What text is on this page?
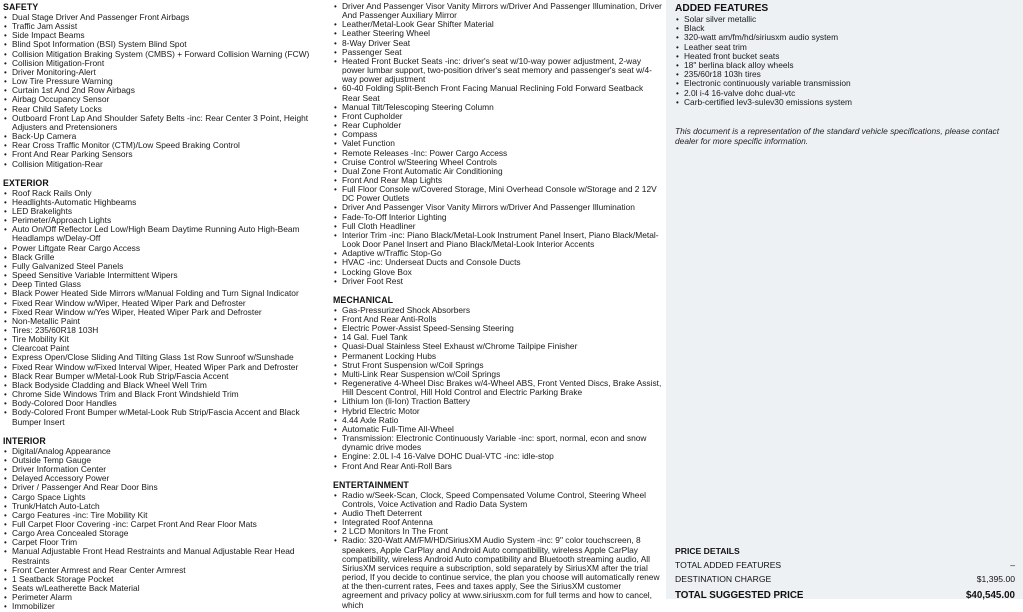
SAFETY
• Dual Stage Driver And Passenger Front Airbags
• Traffic Jam Assist
• Side Impact Beams
• Blind Spot Information (BSI) System Blind Spot
• Collision Mitigation Braking System (CMBS) + Forward Collision Warning (FCW)
• Collision Mitigation-Front
• Driver Monitoring-Alert
• Low Tire Pressure Warning
• Curtain 1st And 2nd Row Airbags
• Airbag Occupancy Sensor
• Rear Child Safety Locks
• Outboard Front Lap And Shoulder Safety Belts -inc: Rear Center 3 Point, Height Adjusters and Pretensioners
• Back-Up Camera
• Rear Cross Traffic Monitor (CTM)/Low Speed Braking Control
• Front And Rear Parking Sensors
• Collision Mitigation-Rear
EXTERIOR
• Roof Rack Rails Only
• Headlights-Automatic Highbeams
• LED Brakelights
• Perimeter/Approach Lights
• Auto On/Off Reflector Led Low/High Beam Daytime Running Auto High-Beam Headlamps w/Delay-Off
• Power Liftgate Rear Cargo Access
• Black Grille
• Fully Galvanized Steel Panels
• Speed Sensitive Variable Intermittent Wipers
• Deep Tinted Glass
• Black Power Heated Side Mirrors w/Manual Folding and Turn Signal Indicator
• Fixed Rear Window w/Wiper, Heated Wiper Park and Defroster
• Fixed Rear Window w/Yes Wiper, Heated Wiper Park and Defroster
• Non-Metallic Paint
• Tires: 235/60R18 103H
• Tire Mobility Kit
• Clearcoat Paint
• Express Open/Close Sliding And Tilting Glass 1st Row Sunroof w/Sunshade
• Fixed Rear Window w/Fixed Interval Wiper, Heated Wiper Park and Defroster
• Black Rear Bumper w/Metal-Look Rub Strip/Fascia Accent
• Black Bodyside Cladding and Black Wheel Well Trim
• Chrome Side Windows Trim and Black Front Windshield Trim
• Body-Colored Door Handles
• Body-Colored Front Bumper w/Metal-Look Rub Strip/Fascia Accent and Black Bumper Insert
INTERIOR
• Digital/Analog Appearance
• Outside Temp Gauge
• Driver Information Center
• Delayed Accessory Power
• Driver / Passenger And Rear Door Bins
• Cargo Space Lights
• Trunk/Hatch Auto-Latch
• Cargo Features -inc: Tire Mobility Kit
• Full Carpet Floor Covering -inc: Carpet Front And Rear Floor Mats
• Cargo Area Concealed Storage
• Carpet Floor Trim
• Manual Adjustable Front Head Restraints and Manual Adjustable Rear Head Restraints
• Front Center Armrest and Rear Center Armrest
• 1 Seatback Storage Pocket
• Seats w/Leatherette Back Material
• Perimeter Alarm
• Immobilizer
• Driver And Passenger Visor Vanity Mirrors w/Driver And Passenger Illumination, Driver And Passenger Auxiliary Mirror
• Leather/Metal-Look Gear Shifter Material
• Leather Steering Wheel
• 8-Way Driver Seat
• Passenger Seat
• Heated Front Bucket Seats -inc: driver's seat w/10-way power adjustment, 2-way power lumbar support, two-position driver's seat memory and passenger's seat w/4-way power adjustment
• 60-40 Folding Split-Bench Front Facing Manual Reclining Fold Forward Seatback Rear Seat
• Manual Tilt/Telescoping Steering Column
• Front Cupholder
• Rear Cupholder
• Compass
• Valet Function
• Remote Releases -Inc: Power Cargo Access
• Cruise Control w/Steering Wheel Controls
• Dual Zone Front Automatic Air Conditioning
• Front And Rear Map Lights
• Full Floor Console w/Covered Storage, Mini Overhead Console w/Storage and 2 12V DC Power Outlets
• Driver And Passenger Visor Vanity Mirrors w/Driver And Passenger Illumination
• Fade-To-Off Interior Lighting
• Full Cloth Headliner
• Interior Trim -inc: Piano Black/Metal-Look Instrument Panel Insert, Piano Black/Metal-Look Door Panel Insert and Piano Black/Metal-Look Interior Accents
• Adaptive w/Traffic Stop-Go
• HVAC -inc: Underseat Ducts and Console Ducts
• Locking Glove Box
• Driver Foot Rest
MECHANICAL
• Gas-Pressurized Shock Absorbers
• Front And Rear Anti-Rolls
• Electric Power-Assist Speed-Sensing Steering
• 14 Gal. Fuel Tank
• Quasi-Dual Stainless Steel Exhaust w/Chrome Tailpipe Finisher
• Permanent Locking Hubs
• Strut Front Suspension w/Coil Springs
• Multi-Link Rear Suspension w/Coil Springs
• Regenerative 4-Wheel Disc Brakes w/4-Wheel ABS, Front Vented Discs, Brake Assist, Hill Descent Control, Hill Hold Control and Electric Parking Brake
• Lithium Ion (li-Ion) Traction Battery
• Hybrid Electric Motor
• 4.44 Axle Ratio
• Automatic Full-Time All-Wheel
• Transmission: Electronic Continuously Variable -inc: sport, normal, econ and snow dynamic drive modes
• Engine: 2.0L I-4 16-Valve DOHC Dual-VTC -inc: idle-stop
• Front And Rear Anti-Roll Bars
ENTERTAINMENT
• Radio w/Seek-Scan, Clock, Speed Compensated Volume Control, Steering Wheel Controls, Voice Activation and Radio Data System
• Audio Theft Deterrent
• Integrated Roof Antenna
• 2 LCD Monitors In The Front
• Radio: 320-Watt AM/FM/HD/SiriusXM Audio System -inc: 9" color touchscreen, 8 speakers, Apple CarPlay and Android Auto compatibility, wireless Apple CarPlay compatibility, wireless Android Auto compatibility and Bluetooth streaming audio, All SiriusXM services require a subscription, sold separately by SiriusXM after the trial period, If you decide to continue service, the plan you choose will automatically renew at the then-current rates, Fees and taxes apply, See the SiriusXM customer agreement and privacy policy at www.siriusxm.com for full terms and how to cancel, which
ADDED FEATURES
• Solar silver metallic
• Black
• 320-watt am/fm/hd/siriusxm audio system
• Leather seat trim
• Heated front bucket seats
• 18" berlina black alloy wheels
• 235/60r18 103h tires
• Electronic continuously variable transmission
• 2.0l i-4 16-valve dohc dual-vtc
• Carb-certified lev3-sulev30 emissions system
This document is a representation of the standard vehicle specifications, please contact dealer for more specific information.
PRICE DETAILS
TOTAL ADDED FEATURES	–
DESTINATION CHARGE	$1,395.00
TOTAL SUGGESTED PRICE	$40,545.00
